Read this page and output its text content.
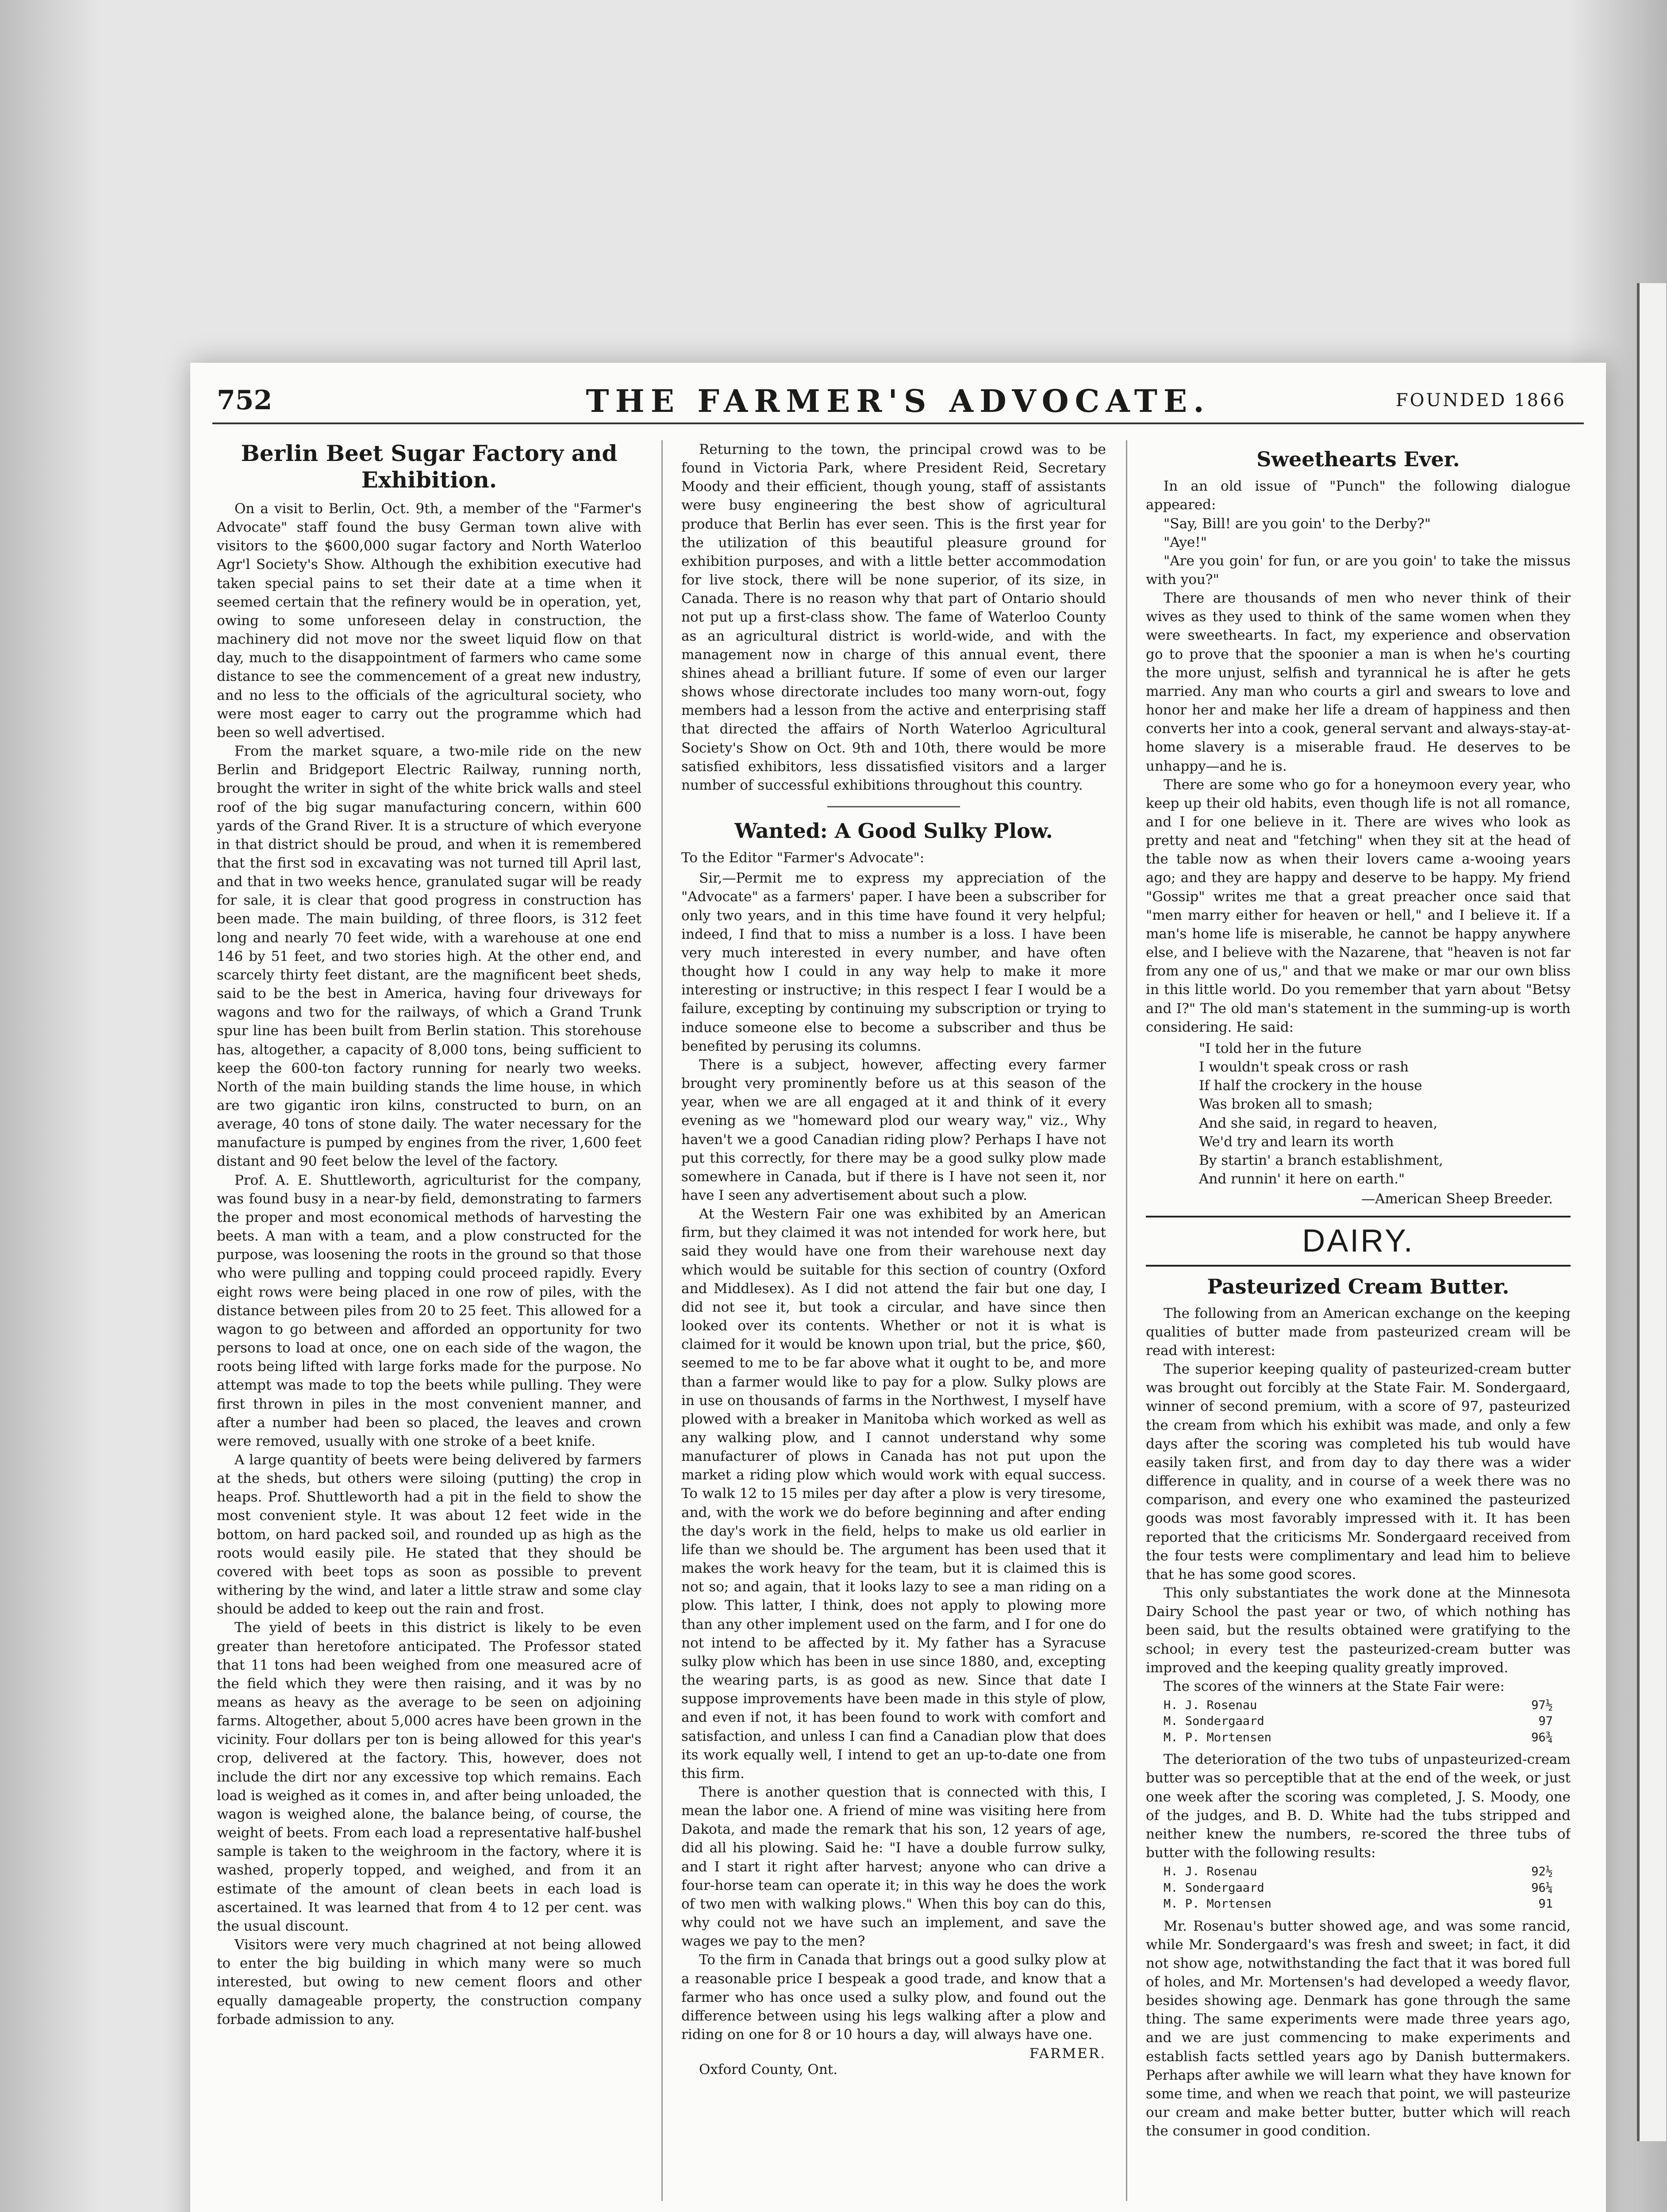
752	THE FARMER'S ADVOCATE.	FOUNDED 1866
Berlin Beet Sugar Factory and Exhibition.

On a visit to Berlin, Oct. 9th, a member of the "Farmer's Advocate" staff found the busy German town alive with visitors to the $600,000 sugar factory and North Waterloo Agr'l Society's Show. Although the exhibition executive had taken special pains to set their date at a time when it seemed certain that the refinery would be in operation, yet, owing to some unforeseen delay in construction, the machinery did not move nor the sweet liquid flow on that day, much to the disappointment of farmers who came some distance to see the commencement of a great new industry, and no less to the officials of the agricultural society, who were most eager to carry out the programme which had been so well advertised.

From the market square, a two-mile ride on the new Berlin and Bridgeport Electric Railway, running north, brought the writer in sight of the white brick walls and steel roof of the big sugar manufacturing concern, within 600 yards of the Grand River. It is a structure of which everyone in that district should be proud, and when it is remembered that the first sod in excavating was not turned till April last, and that in two weeks hence, granulated sugar will be ready for sale, it is clear that good progress in construction has been made. The main building, of three floors, is 312 feet long and nearly 70 feet wide, with a warehouse at one end 146 by 51 feet, and two stories high. At the other end, and scarcely thirty feet distant, are the magnificent beet sheds, said to be the best in America, having four driveways for wagons and two for the railways, of which a Grand Trunk spur line has been built from Berlin station. This storehouse has, altogether, a capacity of 8,000 tons, being sufficient to keep the 600-ton factory running for nearly two weeks. North of the main building stands the lime house, in which are two gigantic iron kilns, constructed to burn, on an average, 40 tons of stone daily. The water necessary for the manufacture is pumped by engines from the river, 1,600 feet distant and 90 feet below the level of the factory.

Prof. A. E. Shuttleworth, agriculturist for the company, was found busy in a near-by field, demonstrating to farmers the proper and most economical methods of harvesting the beets. A man with a team, and a plow constructed for the purpose, was loosening the roots in the ground so that those who were pulling and topping could proceed rapidly. Every eight rows were being placed in one row of piles, with the distance between piles from 20 to 25 feet. This allowed for a wagon to go between and afforded an opportunity for two persons to load at once, one on each side of the wagon, the roots being lifted with large forks made for the purpose. No attempt was made to top the beets while pulling. They were first thrown in piles in the most convenient manner, and after a number had been so placed, the leaves and crown were removed, usually with one stroke of a beet knife.

A large quantity of beets were being delivered by farmers at the sheds, but others were siloing (putting) the crop in heaps. Prof. Shuttleworth had a pit in the field to show the most convenient style. It was about 12 feet wide in the bottom, on hard packed soil, and rounded up as high as the roots would easily pile. He stated that they should be covered with beet tops as soon as possible to prevent withering by the wind, and later a little straw and some clay should be added to keep out the rain and frost.

The yield of beets in this district is likely to be even greater than heretofore anticipated. The Professor stated that 11 tons had been weighed from one measured acre of the field which they were then raising, and it was by no means as heavy as the average to be seen on adjoining farms. Altogether, about 5,000 acres have been grown in the vicinity. Four dollars per ton is being allowed for this year's crop, delivered at the factory. This, however, does not include the dirt nor any excessive top which remains. Each load is weighed as it comes in, and after being unloaded, the wagon is weighed alone, the balance being, of course, the weight of beets. From each load a representative half-bushel sample is taken to the weighroom in the factory, where it is washed, properly topped, and weighed, and from it an estimate of the amount of clean beets in each load is ascertained. It was learned that from 4 to 12 per cent. was the usual discount.

Visitors were very much chagrined at not being allowed to enter the big building in which many were so much interested, but owing to new cement floors and other equally damageable property, the construction company forbade admission to any.

Returning to the town, the principal crowd was to be found in Victoria Park, where President Reid, Secretary Moody and their efficient, though young, staff of assistants were busy engineering the best show of agricultural produce that Berlin has ever seen. This is the first year for the utilization of this beautiful pleasure ground for exhibition purposes, and with a little better accommodation for live stock, there will be none superior, of its size, in Canada. There is no reason why that part of Ontario should not put up a first-class show. The fame of Waterloo County as an agricultural district is world-wide, and with the management now in charge of this annual event, there shines ahead a brilliant future. If some of even our larger shows whose directorate includes too many worn-out, fogy members had a lesson from the active and enterprising staff that directed the affairs of North Waterloo Agricultural Society's Show on Oct. 9th and 10th, there would be more satisfied exhibitors, less dissatisfied visitors and a larger number of successful exhibitions throughout this country.

Wanted: A Good Sulky Plow.

To the Editor "Farmer's Advocate":

Sir,—Permit me to express my appreciation of the "Advocate" as a farmers' paper. I have been a subscriber for only two years, and in this time have found it very helpful; indeed, I find that to miss a number is a loss. I have been very much interested in every number, and have often thought how I could in any way help to make it more interesting or instructive; in this respect I fear I would be a failure, excepting by continuing my subscription or trying to induce someone else to become a subscriber and thus be benefited by perusing its columns.

There is a subject, however, affecting every farmer brought very prominently before us at this season of the year, when we are all engaged at it and think of it every evening as we "homeward plod our weary way," viz., Why haven't we a good Canadian riding plow? Perhaps I have not put this correctly, for there may be a good sulky plow made somewhere in Canada, but if there is I have not seen it, nor have I seen any advertisement about such a plow.

At the Western Fair one was exhibited by an American firm, but they claimed it was not intended for work here, but said they would have one from their warehouse next day which would be suitable for this section of country (Oxford and Middlesex). As I did not attend the fair but one day, I did not see it, but took a circular, and have since then looked over its contents. Whether or not it is what is claimed for it would be known upon trial, but the price, $60, seemed to me to be far above what it ought to be, and more than a farmer would like to pay for a plow. Sulky plows are in use on thousands of farms in the Northwest, I myself have plowed with a breaker in Manitoba which worked as well as any walking plow, and I cannot understand why some manufacturer of plows in Canada has not put upon the market a riding plow which would work with equal success. To walk 12 to 15 miles per day after a plow is very tiresome, and, with the work we do before beginning and after ending the day's work in the field, helps to make us old earlier in life than we should be. The argument has been used that it makes the work heavy for the team, but it is claimed this is not so; and again, that it looks lazy to see a man riding on a plow. This latter, I think, does not apply to plowing more than any other implement used on the farm, and I for one do not intend to be affected by it. My father has a Syracuse sulky plow which has been in use since 1880, and, excepting the wearing parts, is as good as new. Since that date I suppose improvements have been made in this style of plow, and even if not, it has been found to work with comfort and satisfaction, and unless I can find a Canadian plow that does its work equally well, I intend to get an up-to-date one from this firm.

There is another question that is connected with this, I mean the labor one. A friend of mine was visiting here from Dakota, and made the remark that his son, 12 years of age, did all his plowing. Said he: "I have a double furrow sulky, and I start it right after harvest; anyone who can drive a four-horse team can operate it; in this way he does the work of two men with walking plows." When this boy can do this, why could not we have such an implement, and save the wages we pay to the men?

To the firm in Canada that brings out a good sulky plow at a reasonable price I bespeak a good trade, and know that a farmer who has once used a sulky plow, and found out the difference between using his legs walking after a plow and riding on one for 8 or 10 hours a day, will always have one.

FARMER.
Oxford County, Ont.
Sweethearts Ever.

In an old issue of "Punch" the following dialogue appeared:

"Say, Bill! are you goin' to the Derby?"

"Aye!"

"Are you goin' for fun, or are you goin' to take the missus with you?"

There are thousands of men who never think of their wives as they used to think of the same women when they were sweethearts. In fact, my experience and observation go to prove that the spoonier a man is when he's courting the more unjust, selfish and tyrannical he is after he gets married. Any man who courts a girl and swears to love and honor her and make her life a dream of happiness and then converts her into a cook, general servant and always-stay-at-home slavery is a miserable fraud. He deserves to be unhappy—and he is.

There are some who go for a honeymoon every year, who keep up their old habits, even though life is not all romance, and I for one believe in it. There are wives who look as pretty and neat and "fetching" when they sit at the head of the table now as when their lovers came a-wooing years ago; and they are happy and deserve to be happy. My friend "Gossip" writes me that a great preacher once said that "men marry either for heaven or hell," and I believe it. If a man's home life is miserable, he cannot be happy anywhere else, and I believe with the Nazarene, that "heaven is not far from any one of us," and that we make or mar our own bliss in this little world. Do you remember that yarn about "Betsy and I?" The old man's statement in the summing-up is worth considering. He said:

"I told her in the future
I wouldn't speak cross or rash
If half the crockery in the house
Was broken all to smash;
And she said, in regard to heaven,
We'd try and learn its worth
By startin' a branch establishment,
And runnin' it here on earth."
—American Sheep Breeder.
DAIRY.
Pasteurized Cream Butter.

The following from an American exchange on the keeping qualities of butter made from pasteurized cream will be read with interest:

The superior keeping quality of pasteurized-cream butter was brought out forcibly at the State Fair. M. Sondergaard, winner of second premium, with a score of 97, pasteurized the cream from which his exhibit was made, and only a few days after the scoring was completed his tub would have easily taken first, and from day to day there was a wider difference in quality, and in course of a week there was no comparison, and every one who examined the pasteurized goods was most favorably impressed with it. It has been reported that the criticisms Mr. Sondergaard received from the four tests were complimentary and lead him to believe that he has some good scores.

This only substantiates the work done at the Minnesota Dairy School the past year or two, of which nothing has been said, but the results obtained were gratifying to the school; in every test the pasteurized-cream butter was improved and the keeping quality greatly improved.

The scores of the winners at the State Fair were:

H. J. Rosenau	97½
M. Sondergaard	97
M. P. Mortensen	96¾

The deterioration of the two tubs of unpasteurized-cream butter was so perceptible that at the end of the week, or just one week after the scoring was completed, J. S. Moody, one of the judges, and B. D. White had the tubs stripped and neither knew the numbers, re-scored the three tubs of butter with the following results:

H. J. Rosenau	92½
M. Sondergaard	96¼
M. P. Mortensen	91

Mr. Rosenau's butter showed age, and was some rancid, while Mr. Sondergaard's was fresh and sweet; in fact, it did not show age, notwithstanding the fact that it was bored full of holes, and Mr. Mortensen's had developed a weedy flavor, besides showing age. Denmark has gone through the same thing. The same experiments were made three years ago, and we are just commencing to make experiments and establish facts settled years ago by Danish buttermakers. Perhaps after awhile we will learn what they have known for some time, and when we reach that point, we will pasteurize our cream and make better butter, butter which will reach the consumer in good condition.
